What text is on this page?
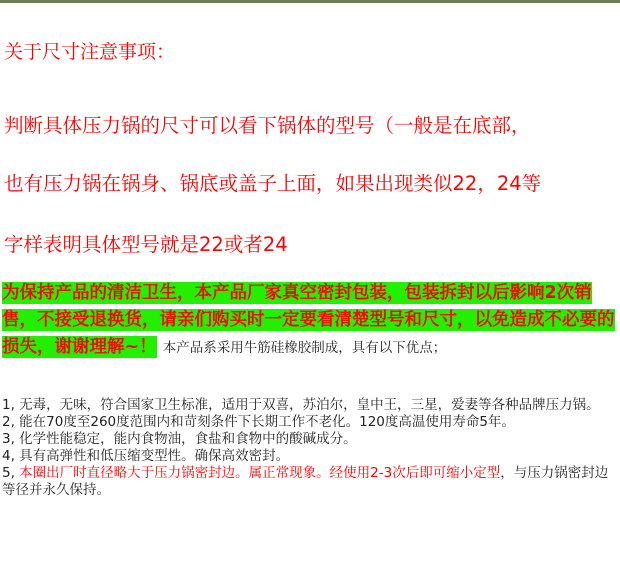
关于尺寸注意事项：
判断具体压力锅的尺寸可以看下锅体的型号（一般是在底部，
也有压力锅在锅身、锅底或盖子上面，如果出现类似22，24等
字样表明具体型号就是22或者24
为保持产品的清洁卫生，本产品厂家真空密封包装，包装拆封以后影响2次销售，不接受退换货，请亲们购买时一定要看清楚型号和尺寸，以免造成不必要的损失，谢谢理解~！ 本产品系采用牛筋硅橡胶制成，具有以下优点；

1, 无毒，无味，符合国家卫生标准，适用于双喜，苏泊尔，皇中王，三星，爱妻等各种品牌压力锅。

2, 能在70度至260度范围内和苛刻条件下长期工作不老化。120度高温使用寿命5年。

3, 化学性能稳定，能内食物油，食盐和食物中的酸碱成分。

4, 具有高弹性和低压缩变型性。确保高效密封。

5, 本圈出厂时直径略大于压力锅密封边。属正常现象。经使用2-3次后即可缩小定型，与压力锅密封边等径并永久保持。
